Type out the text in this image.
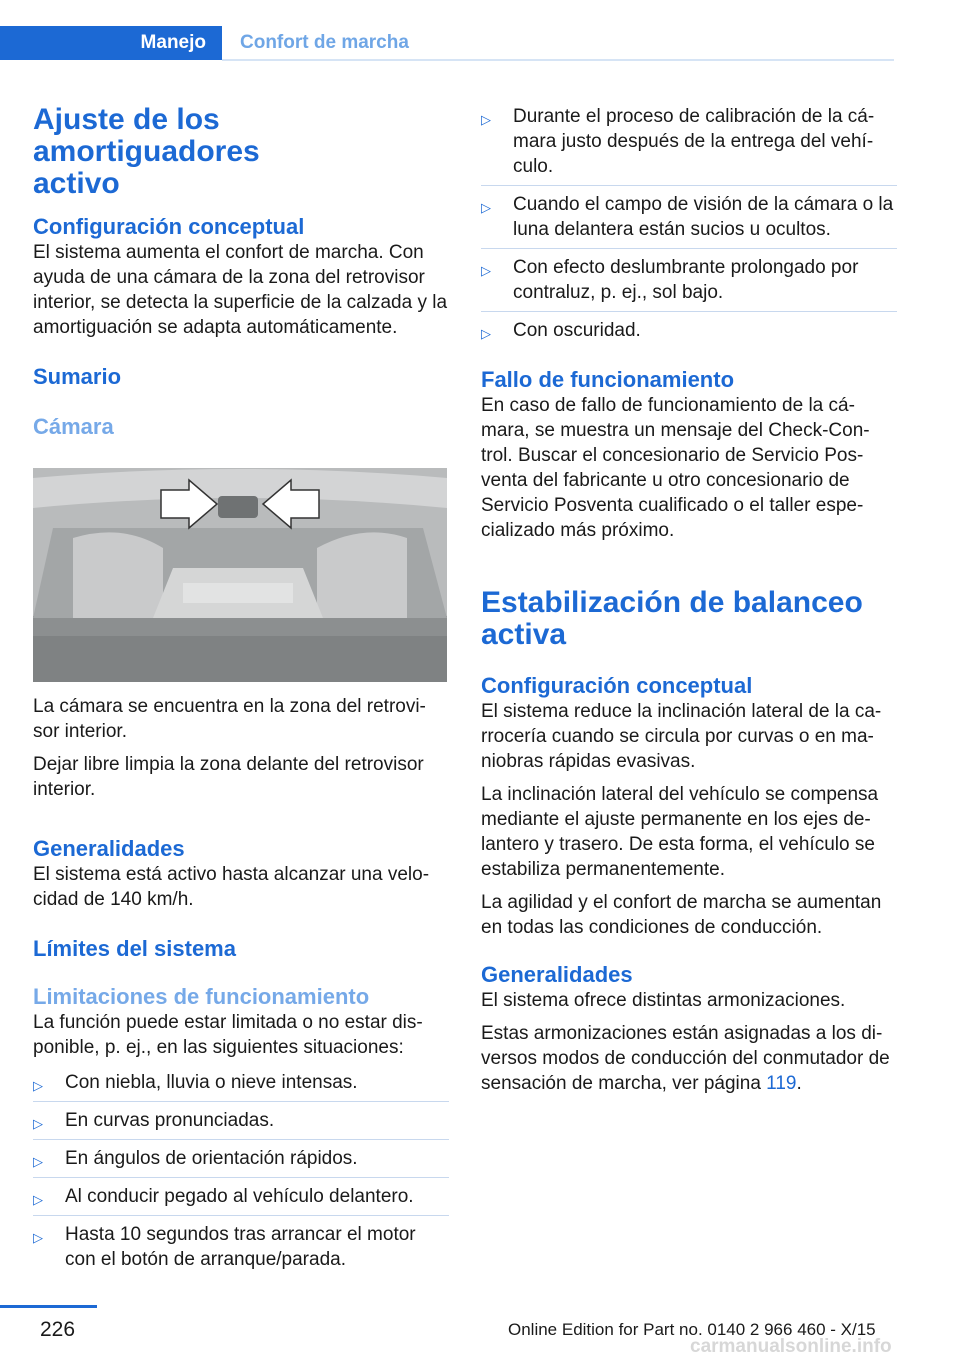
Manejo Confort de marcha
Ajuste de los amortiguadores activo
Configuración conceptual

El sistema aumenta el confort de marcha. Con ayuda de una cámara de la zona del retrovisor interior, se detecta la superficie de la calzada y la amortiguación se adapta automáticamente.

Sumario
Cámara

La cámara se encuentra en la zona del retrovi‐sor interior.

Dejar libre limpia la zona delante del retrovisor interior.

Generalidades

El sistema está activo hasta alcanzar una velo‐cidad de 140 km/h.

Límites del sistema
Limitaciones de funcionamiento

La función puede estar limitada o no estar dis‐ponible, p. ej., en las siguientes situaciones:

▷ Con niebla, lluvia o nieve intensas.
▷ En curvas pronunciadas.
▷ En ángulos de orientación rápidos.
▷ Al conducir pegado al vehículo delantero.
▷ Hasta 10 segundos tras arrancar el motor con el botón de arranque/parada.
▷ Durante el proceso de calibración de la cá‐mara justo después de la entrega del vehí‐culo.
▷ Cuando el campo de visión de la cámara o la luna delantera están sucios u ocultos.
▷ Con efecto deslumbrante prolongado por contraluz, p. ej., sol bajo.
▷ Con oscuridad.
Fallo de funcionamiento

En caso de fallo de funcionamiento de la cá‐mara, se muestra un mensaje del Check-Con‐trol. Buscar el concesionario de Servicio Pos‐venta del fabricante u otro concesionario de Servicio Posventa cualificado o el taller espe‐cializado más próximo.

Estabilización de balanceo activa
Configuración conceptual

El sistema reduce la inclinación lateral de la ca‐rrocería cuando se circula por curvas o en ma‐niobras rápidas evasivas.

La inclinación lateral del vehículo se compensa mediante el ajuste permanente en los ejes de‐lantero y trasero. De esta forma, el vehículo se estabiliza permanentemente.

La agilidad y el confort de marcha se aumentan en todas las condiciones de conducción.

Generalidades

El sistema ofrece distintas armonizaciones.

Estas armonizaciones están asignadas a los di‐versos modos de conducción del conmutador de sensación de marcha, ver página 119.

226	Online Edition for Part no. 0140 2 966 460 - X/15
carmanualsonline.info
